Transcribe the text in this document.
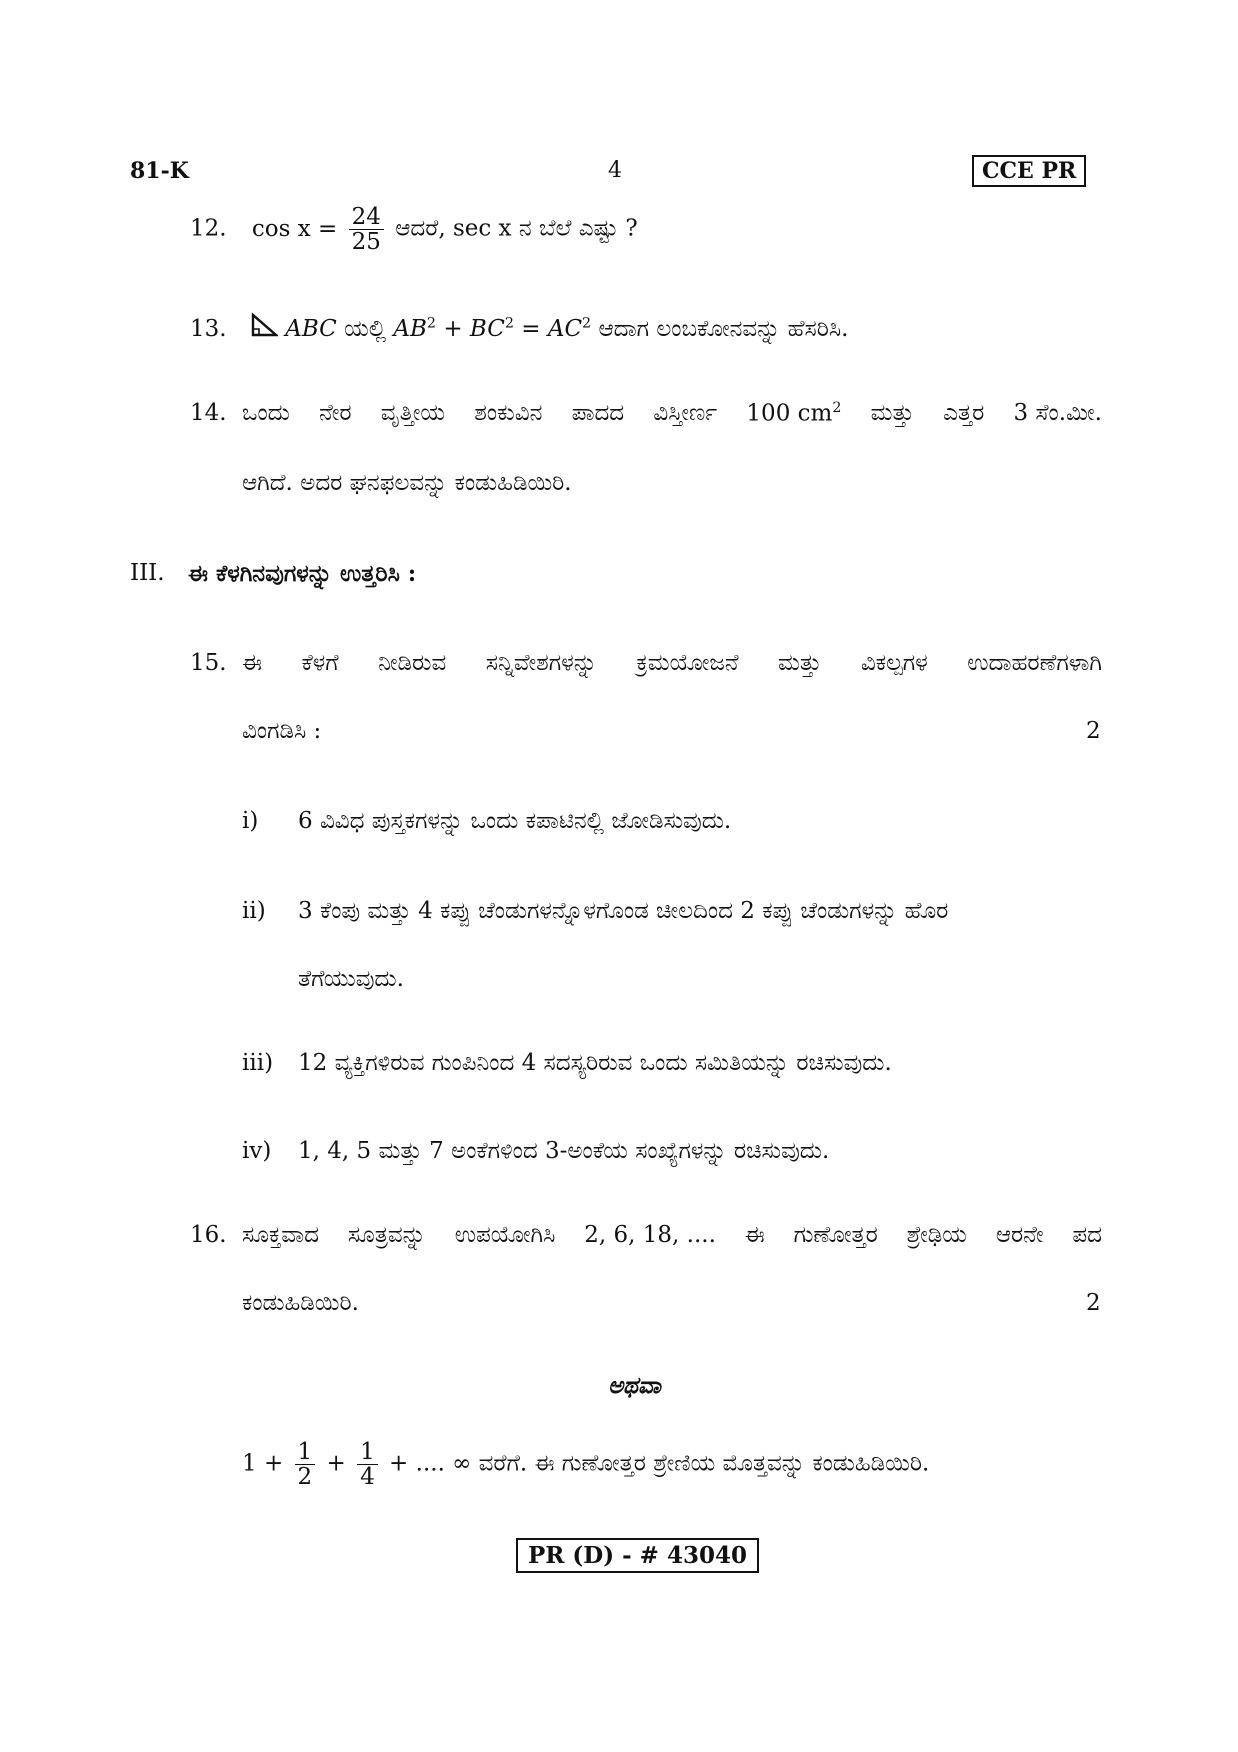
81-K	4	CCE PR
12. $\cos x = \frac{24}{25}$ ಆದರೆ, sec x ನ ಬೆಲೆ ಎಷ್ಟು ?
13.	ABC ಯಲ್ಲಿ $AB^2 + BC^2 = AC^2$ ಆದಾಗ ಲಂಬಕೋನವನ್ನು ಹೆಸರಿಸಿ.
14. ಒಂದು ನೇರ ವೃತ್ತೀಯ ಶಂಕುವಿನ ಪಾದದ ವಿಸ್ತೀರ್ಣ 100 $cm^2$ ಮತ್ತು ಎತ್ತರ 3 ಸೆಂ.ಮೀ.
ಆಗಿದೆ. ಅದರ ಘನಫಲವನ್ನು ಕಂಡುಹಿಡಿಯಿರಿ.
III. ಈ ಕೆಳಗಿನವುಗಳನ್ನು ಉತ್ತರಿಸಿ :
15. ಈ ಕೆಳಗೆ ನೀಡಿರುವ ಸನ್ನಿವೇಶಗಳನ್ನು ಕ್ರಮಯೋಜನೆ ಮತ್ತು ವಿಕಲ್ಪಗಳ ಉದಾಹರಣೆಗಳಾಗಿ
ವಿಂಗಡಿಸಿ :	2
i) 6 ವಿವಿಧ ಪುಸ್ತಕಗಳನ್ನು ಒಂದು ಕಪಾಟಿನಲ್ಲಿ ಜೋಡಿಸುವುದು.
ii) 3 ಕೆಂಪು ಮತ್ತು 4 ಕಪ್ಪು ಚೆಂಡುಗಳನ್ನೊಳಗೊಂಡ ಚೀಲದಿಂದ 2 ಕಪ್ಪು ಚೆಂಡುಗಳನ್ನು ಹೊರ
ತೆಗೆಯುವುದು.
iii) 12 ವ್ಯಕ್ತಿಗಳಿರುವ ಗುಂಪಿನಿಂದ 4 ಸದಸ್ಯರಿರುವ ಒಂದು ಸಮಿತಿಯನ್ನು ರಚಿಸುವುದು.
iv) 1, 4, 5 ಮತ್ತು 7 ಅಂಕೆಗಳಿಂದ 3-ಅಂಕೆಯ ಸಂಖ್ಯೆಗಳನ್ನು ರಚಿಸುವುದು.
16. ಸೂಕ್ತವಾದ ಸೂತ್ರವನ್ನು ಉಪಯೋಗಿಸಿ 2, 6, 18, .... ಈ ಗುಣೋತ್ತರ ಶ್ರೇಢಿಯ ಆರನೇ ಪದ
ಕಂಡುಹಿಡಿಯಿರಿ.	2
ಅಥವಾ
$1 + \frac{1}{2} + \frac{1}{4}$ + .... ∞ ವರೆಗೆ. ಈ ಗುಣೋತ್ತರ ಶ್ರೇಣಿಯ ಮೊತ್ತವನ್ನು ಕಂಡುಹಿಡಿಯಿರಿ.
PR (D) - # 43040
